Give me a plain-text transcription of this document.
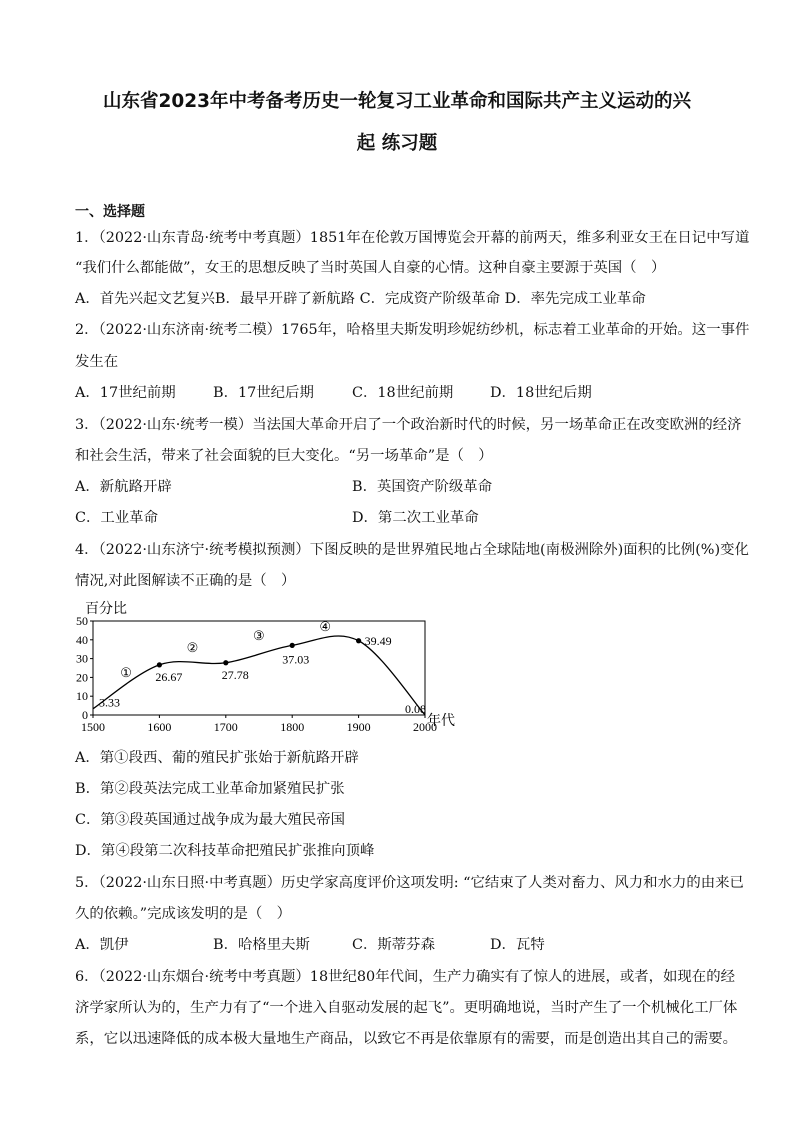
山东省2023年中考备考历史一轮复习工业革命和国际共产主义运动的兴
起 练习题
一、选择题
1．（2022·山东青岛·统考中考真题）1851年在伦敦万国博览会开幕的前两天，维多利亚女王在日记中写道
“我们什么都能做”，女王的思想反映了当时英国人自豪的心情。这种自豪主要源于英国（　）
A．首先兴起文艺复兴B．最早开辟了新航路 C．完成资产阶级革命 D．率先完成工业革命
2．（2022·山东济南·统考二模）1765年，哈格里夫斯发明珍妮纺纱机，标志着工业革命的开始。这一事件
发生在
A．17世纪前期	B．17世纪后期	C．18世纪前期	D．18世纪后期
3．（2022·山东·统考一模）当法国大革命开启了一个政治新时代的时候，另一场革命正在改变欧洲的经济
和社会生活，带来了社会面貌的巨大变化。“另一场革命”是（　）
A．新航路开辟	B．英国资产阶级革命
C．工业革命	D．第二次工业革命
4．（2022·山东济宁·统考模拟预测）下图反映的是世界殖民地占全球陆地(南极洲除外)面积的比例(%)变化
情况,对此图解读不正确的是（　）
0
10
20
30
40
50
1500	1600	1700	1800	1900	2000
百分比
年代
3.33
26.67	27.78
37.03
39.49
0.08
①
②
③
④
A．第①段西、葡的殖民扩张始于新航路开辟
B．第②段英法完成工业革命加紧殖民扩张
C．第③段英国通过战争成为最大殖民帝国
D．第④段第二次科技革命把殖民扩张推向顶峰
5．（2022·山东日照·中考真题）历史学家高度评价这项发明: “它结束了人类对畜力、风力和水力的由来已
久的依赖。”完成该发明的是（　）
A．凯伊	B．哈格里夫斯	C．斯蒂芬森	D．瓦特
6．（2022·山东烟台·统考中考真题）18世纪80年代间，生产力确实有了惊人的进展，或者，如现在的经
济学家所认为的，生产力有了“一个进入自驱动发展的起飞”。更明确地说，当时产生了一个机械化工厂体
系，它以迅速降低的成本极大量地生产商品，以致它不再是依靠原有的需要，而是创造出其自己的需要。
